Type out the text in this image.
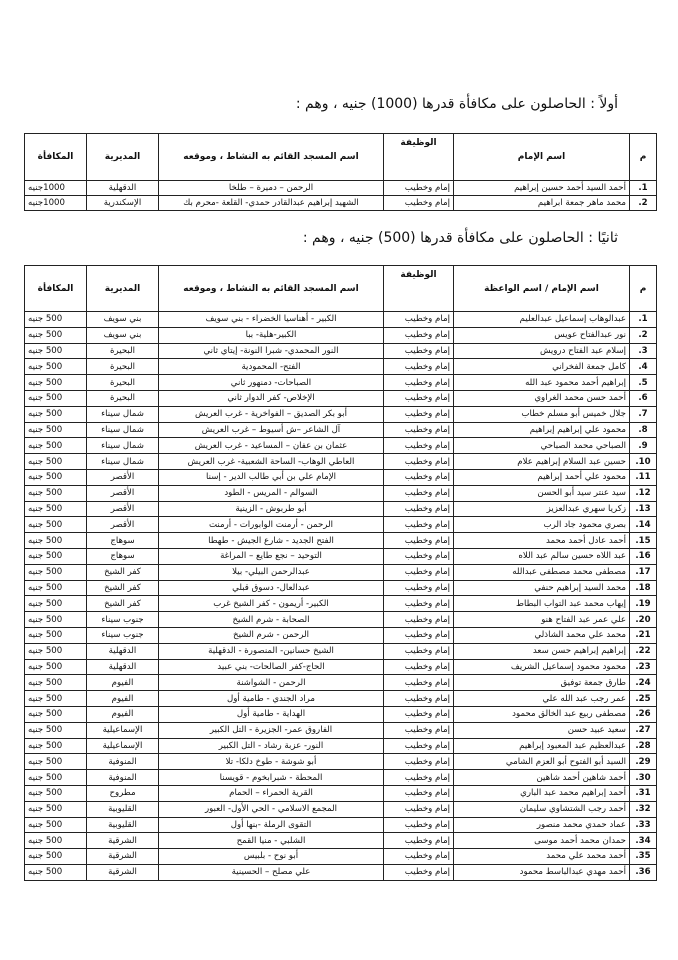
أولاً : الحاصلون على مكافأة قدرها (1000) جنيه ، وهم :
م	اسم الإمام	الوظيفة	اسم المسجد القائم به النشاط ، وموقعه	المديرية	المكافأة
1.	أحمد السيد أحمد حسين إبراهيم	إمام وخطيب	الرحمن – دميرة – طلخا	الدقهلية	1000جنيه
2.	محمد ماهر جمعة ابراهيم	إمام وخطيب	الشهيد إبراهيم عبدالقادر حمدي- القلعة -محرم بك	الإسكندرية	1000جنيه
ثانيًا : الحاصلون على مكافأة قدرها (500) جنيه ، وهم :
م	اسم الإمام / اسم الواعظة	الوظيفة	اسم المسجد القائم به النشاط ، وموقعه	المديرية	المكافأة
1.	عبدالوهاب إسماعيل عبدالعليم	إمام وخطيب	الكبير - أهناسيا الخضراء - بني سويف	بني سويف	500 جنيه
2.	نور عبدالفتاح عويس	إمام وخطيب	الكبير-هلية- ببا	بني سويف	500 جنيه
3.	إسلام عبد الفتاح درويش	إمام وخطيب	النور المحمدي- شبرا النونة- إيتاي ثاني	البحيرة	500 جنيه
4.	كامل جمعة الفخراني	إمام وخطيب	الفتح- المحمودية	البحيرة	500 جنيه
5.	إبراهيم أحمد محمود عبد الله	إمام وخطيب	الصباحات- دمنهور ثاني	البحيرة	500 جنيه
6.	أحمد حسن محمد الغراوي	إمام وخطيب	الإخلاص- كفر الدوار ثاني	البحيرة	500 جنيه
7.	جلال خميس أبو مسلم خطاب	إمام وخطيب	أبو بكر الصديق – الفواخرية - غرب العريش	شمال سيناء	500 جنيه
8.	محمود علي إبراهيم إبراهيم	إمام وخطيب	آل الشاعر –ش أسيوط – غرب العريش	شمال سيناء	500 جنيه
9.	الصباحي محمد الصباحي	إمام وخطيب	عثمان بن عفان – المساعيد - غرب العريش	شمال سيناء	500 جنيه
10.	حسين عبد السلام إبراهيم علام	إمام وخطيب	العاطي الوهاب- الساحة الشعبية- غرب العريش	شمال سيناء	500 جنيه
11.	محمود علي أحمد إبراهيم	إمام وخطيب	الإمام علي بن أبي طالب الدير - إسنا	الأقصر	500 جنيه
12.	سيد عنتر سيد أبو الحسن	إمام وخطيب	السوالم - المريس - الطود	الأقصر	500 جنيه
13.	زكريا سهري عبدالعزيز	إمام وخطيب	أبو طربوش - الزينية	الأقصر	500 جنيه
14.	بصري محمود جاد الرب	إمام وخطيب	الرحمن - أرمنت الوابورات - أرمنت	الأقصر	500 جنيه
15.	أحمد عادل أحمد محمد	إمام وخطيب	الفتح الجديد - شارع الجيش - طهطا	سوهاج	500 جنيه
16.	عبد اللاه حسين سالم عبد اللاه	إمام وخطيب	التوحيد – نجع طايع – المراغة	سوهاج	500 جنيه
17.	مصطفى محمد مصطفى عبدالله	إمام وخطيب	عبدالرحمن البيلي- بيلا	كفر الشيخ	500 جنيه
18.	محمد السيد إبراهيم حنفي	إمام وخطيب	عبدالعال- دسوق قبلي	كفر الشيخ	500 جنيه
19.	إيهاب محمد عبد التواب البطاط	إمام وخطيب	الكبير- أريمون - كفر الشيخ غرب	كفر الشيخ	500 جنيه
20.	علي عمر عبد الفتاح هنو	إمام وخطيب	الصحابة - شرم الشيخ	جنوب سيناء	500 جنيه
21.	محمد علي محمد الشاذلي	إمام وخطيب	الرحمن - شرم الشيخ	جنوب سيناء	500 جنيه
22.	إبراهيم إبراهيم حسن سعد	إمام وخطيب	الشيخ حسانين- المنصورة - الدقهلية	الدقهلية	500 جنيه
23.	محمود محمود إسماعيل الشريف	إمام وخطيب	الحاج-كفر الصالحات- بني عبيد	الدقهلية	500 جنيه
24.	طارق جمعة توفيق	إمام وخطيب	الرحمن - الشواشنة	الفيوم	500 جنيه
25.	عمر رجب عبد الله علي	إمام وخطيب	مراد الجندي - طامية أول	الفيوم	500 جنيه
26.	مصطفى ربيع عبد الخالق محمود	إمام وخطيب	الهداية - طامية أول	الفيوم	500 جنيه
27.	سعيد عبيد حسن	إمام وخطيب	الفاروق عمر- الجزيرة - التل الكبير	الإسماعيلية	500 جنيه
28.	عبدالعظيم عبد المعبود إبراهيم	إمام وخطيب	النور- عزبة رشاد - التل الكبير	الإسماعيلية	500 جنيه
29.	السيد أبو الفتوح أبو العزم الشامي	إمام وخطيب	أبو شوشة - طوخ دلكا- تلا	المنوفية	500 جنيه
30.	أحمد شاهين أحمد شاهين	إمام وخطيب	المحطة - شبرابخوم - قويسنا	المنوفية	500 جنيه
31.	أحمد إبراهيم محمد عبد الباري	إمام وخطيب	القرية الحمراء – الحمام	مطروح	500 جنيه
32.	أحمد رجب الشتشاوي سليمان	إمام وخطيب	المجمع الاسلامي - الحي الأول- العبور	القليوبية	500 جنيه
33.	عماد حمدي محمد منصور	إمام وخطيب	التقوى الرملة -بنها أول	القليوبية	500 جنيه
34.	حمدان محمد أحمد موسى	إمام وخطيب	الشلبي - منيا القمح	الشرقية	500 جنيه
35.	أحمد محمد علي محمد	إمام وخطيب	أبو نوح - بلبيس	الشرقية	500 جنيه
36.	أحمد مهدي عبدالباسط محمود	إمام وخطيب	علي مصلح – الحسينية	الشرقية	500 جنيه
